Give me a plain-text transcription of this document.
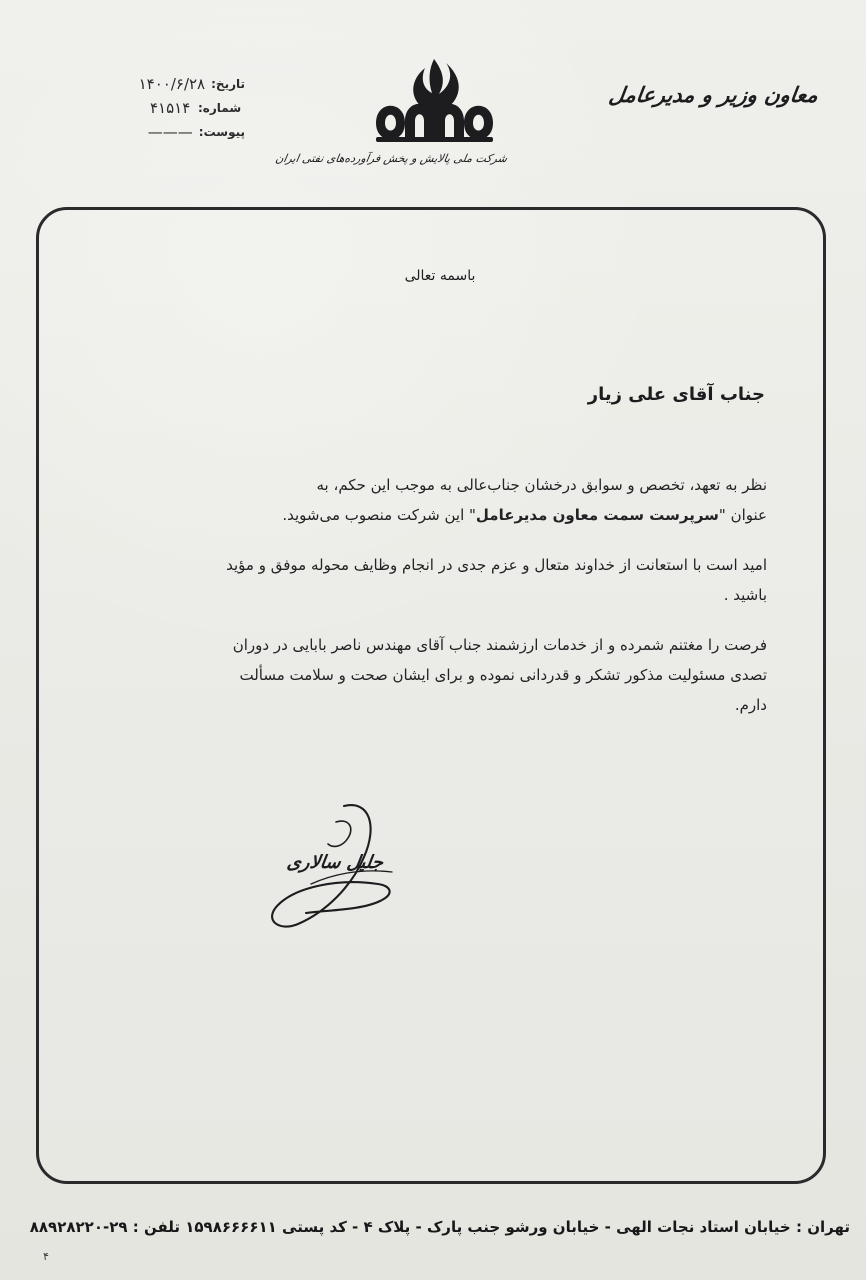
تاریخ:
۱۴۰۰/۶/۲۸
شماره:
۴۱۵۱۴
پیوست:
———
شرکت ملی پالایش و پخش فرآورده‌های نفتی ایران
معاون وزیر و مدیرعامل
باسمه تعالی
جناب آقای علی زیار

نظر به تعهد، تخصص و سوابق درخشان جناب‌عالی به موجب این حکم، به

عنوان "سرپرست سمت معاون مدیرعامل" این شرکت منصوب می‌شوید.

امید است با استعانت از خداوند متعال و عزم جدی در انجام وظایف محوله موفق و مؤید

باشید .

فرصت را مغتنم شمرده و از خدمات ارزشمند جناب آقای مهندس ناصر بابایی در دوران

تصدی مسئولیت مذکور تشکر و قدردانی نموده و برای ایشان صحت و سلامت مسألت

دارم.

جلیل سالاری
تهران : خیابان استاد نجات الهی - خیابان ورشو جنب پارک - پلاک ۴ - کد پستی ۱۵۹۸۶۶۶۶۱۱ تلفن : ۲۹-۸۸۹۲۸۲۲۰
۴
